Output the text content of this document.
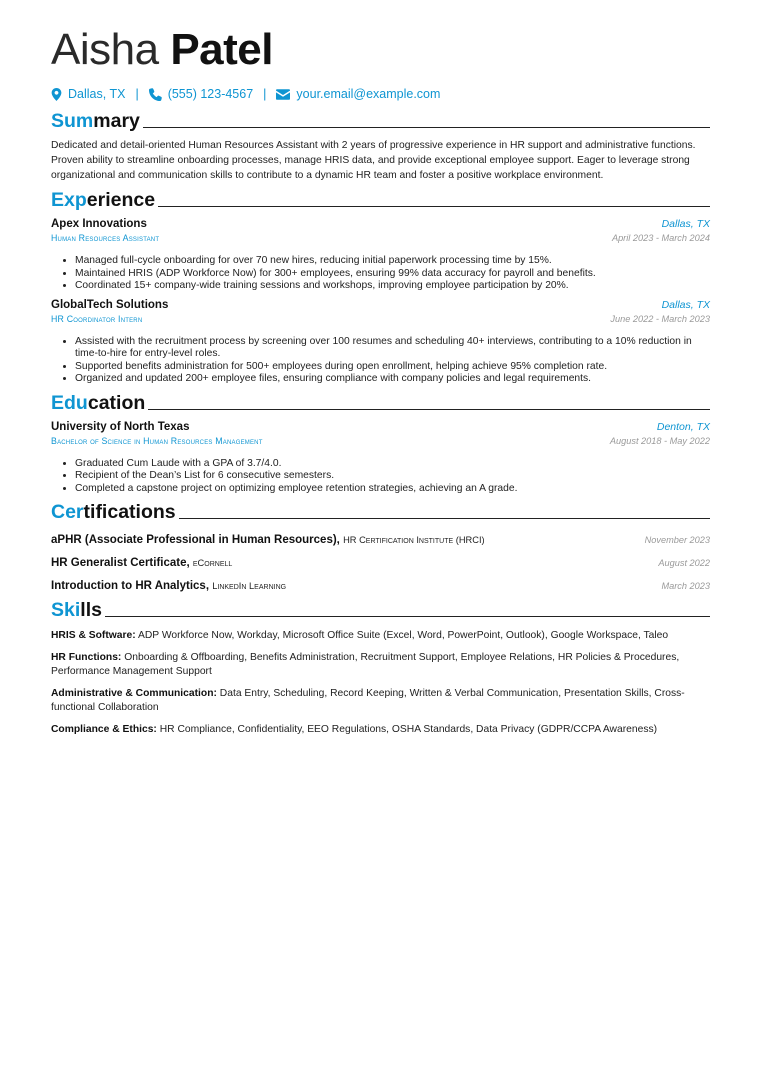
Aisha Patel
Dallas, TX | (555) 123-4567 | your.email@example.com
Summary
Dedicated and detail-oriented Human Resources Assistant with 2 years of progressive experience in HR support and administrative functions. Proven ability to streamline onboarding processes, manage HRIS data, and provide exceptional employee support. Eager to leverage strong organizational and communication skills to contribute to a dynamic HR team and foster a positive workplace environment.
Experience
Apex Innovations	Dallas, TX
Human Resources Assistant	April 2023 - March 2024
• Managed full-cycle onboarding for over 70 new hires, reducing initial paperwork processing time by 15%.
• Maintained HRIS (ADP Workforce Now) for 300+ employees, ensuring 99% data accuracy for payroll and benefits.
• Coordinated 15+ company-wide training sessions and workshops, improving employee participation by 20%.
GlobalTech Solutions	Dallas, TX
HR Coordinator Intern	June 2022 - March 2023
• Assisted with the recruitment process by screening over 100 resumes and scheduling 40+ interviews, contributing to a 10% reduction in time-to-hire for entry-level roles.
• Supported benefits administration for 500+ employees during open enrollment, helping achieve 95% completion rate.
• Organized and updated 200+ employee files, ensuring compliance with company policies and legal requirements.
Education
University of North Texas	Denton, TX
Bachelor of Science in Human Resources Management	August 2018 - May 2022
• Graduated Cum Laude with a GPA of 3.7/4.0.
• Recipient of the Dean’s List for 6 consecutive semesters.
• Completed a capstone project on optimizing employee retention strategies, achieving an A grade.
Certifications
aPHR (Associate Professional in Human Resources), HR Certification Institute (HRCI)	November 2023
HR Generalist Certificate, eCornell	August 2022
Introduction to HR Analytics, LinkedIn Learning	March 2023
Skills
HRIS & Software: ADP Workforce Now, Workday, Microsoft Office Suite (Excel, Word, PowerPoint, Outlook), Google Workspace, Taleo
HR Functions: Onboarding & Offboarding, Benefits Administration, Recruitment Support, Employee Relations, HR Policies & Procedures, Performance Management Support
Administrative & Communication: Data Entry, Scheduling, Record Keeping, Written & Verbal Communication, Presentation Skills, Cross-functional Collaboration
Compliance & Ethics: HR Compliance, Confidentiality, EEO Regulations, OSHA Standards, Data Privacy (GDPR/CCPA Awareness)
